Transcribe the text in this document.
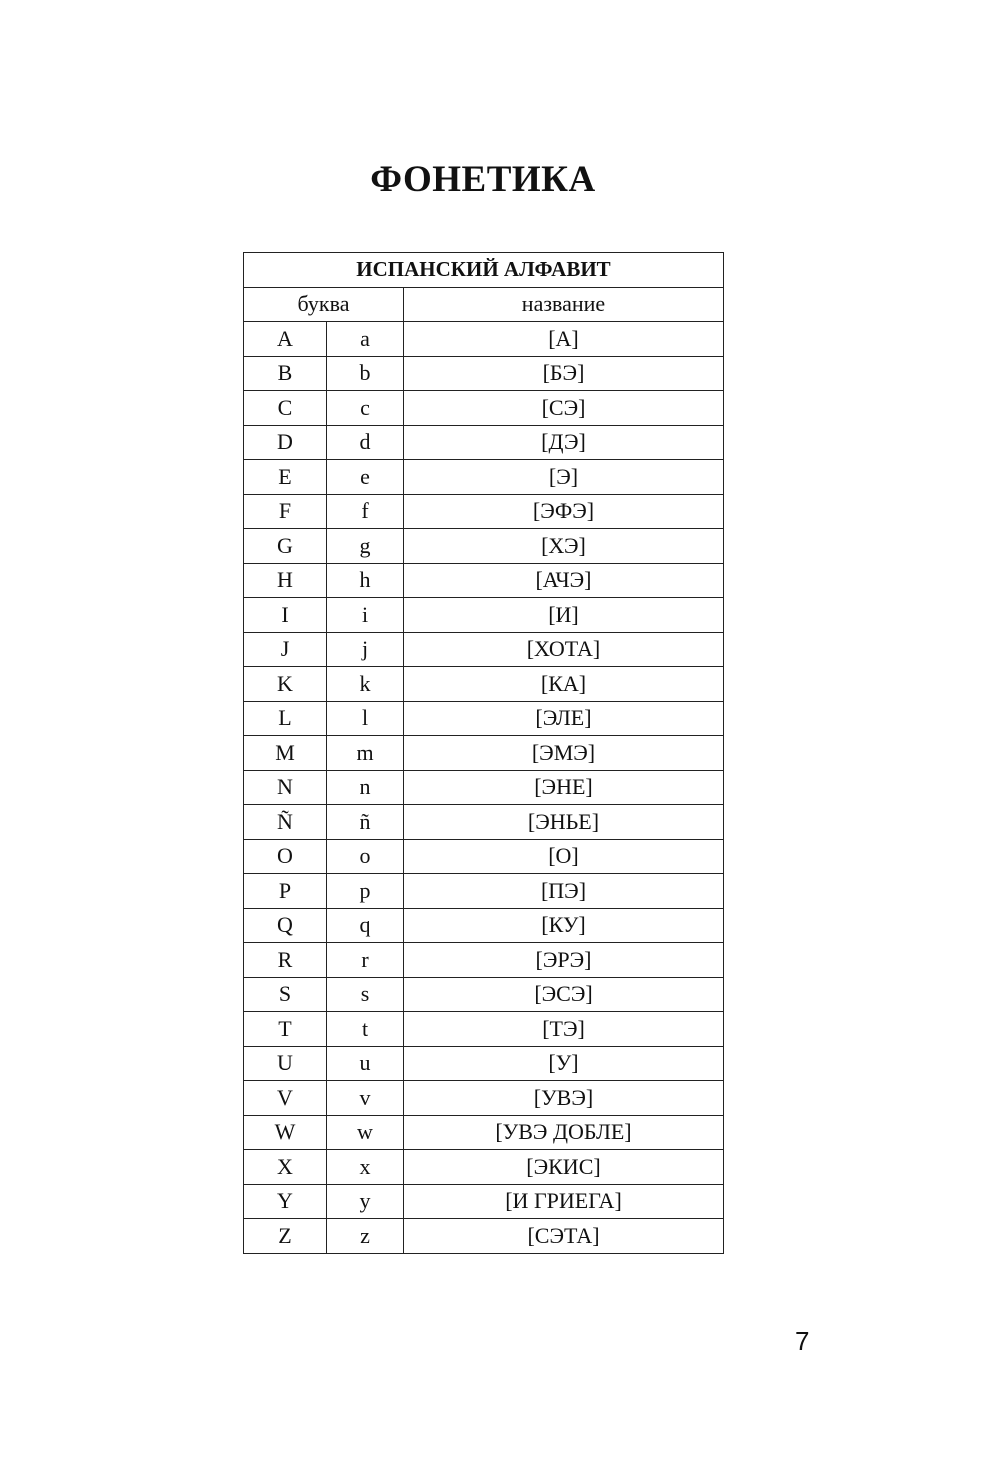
ФОНЕТИКА
ИСПАНСКИЙ АЛФАВИТ		
буква		название
A	a	[А]
B	b	[БЭ]
C	c	[СЭ]
D	d	[ДЭ]
E	e	[Э]
F	f	[ЭФЭ]
G	g	[ХЭ]
H	h	[АЧЭ]
I	i	[И]
J	j	[ХОТА]
K	k	[КА]
L	l	[ЭЛЕ]
M	m	[ЭМЭ]
N	n	[ЭНЕ]
Ñ	ñ	[ЭНЬЕ]
O	o	[О]
P	p	[ПЭ]
Q	q	[КУ]
R	r	[ЭРЭ]
S	s	[ЭСЭ]
T	t	[ТЭ]
U	u	[У]
V	v	[УВЭ]
W	w	[УВЭ ДОБЛЕ]
X	x	[ЭКИС]
Y	y	[И ГРИЕГА]
Z	z	[СЭТА]
7
